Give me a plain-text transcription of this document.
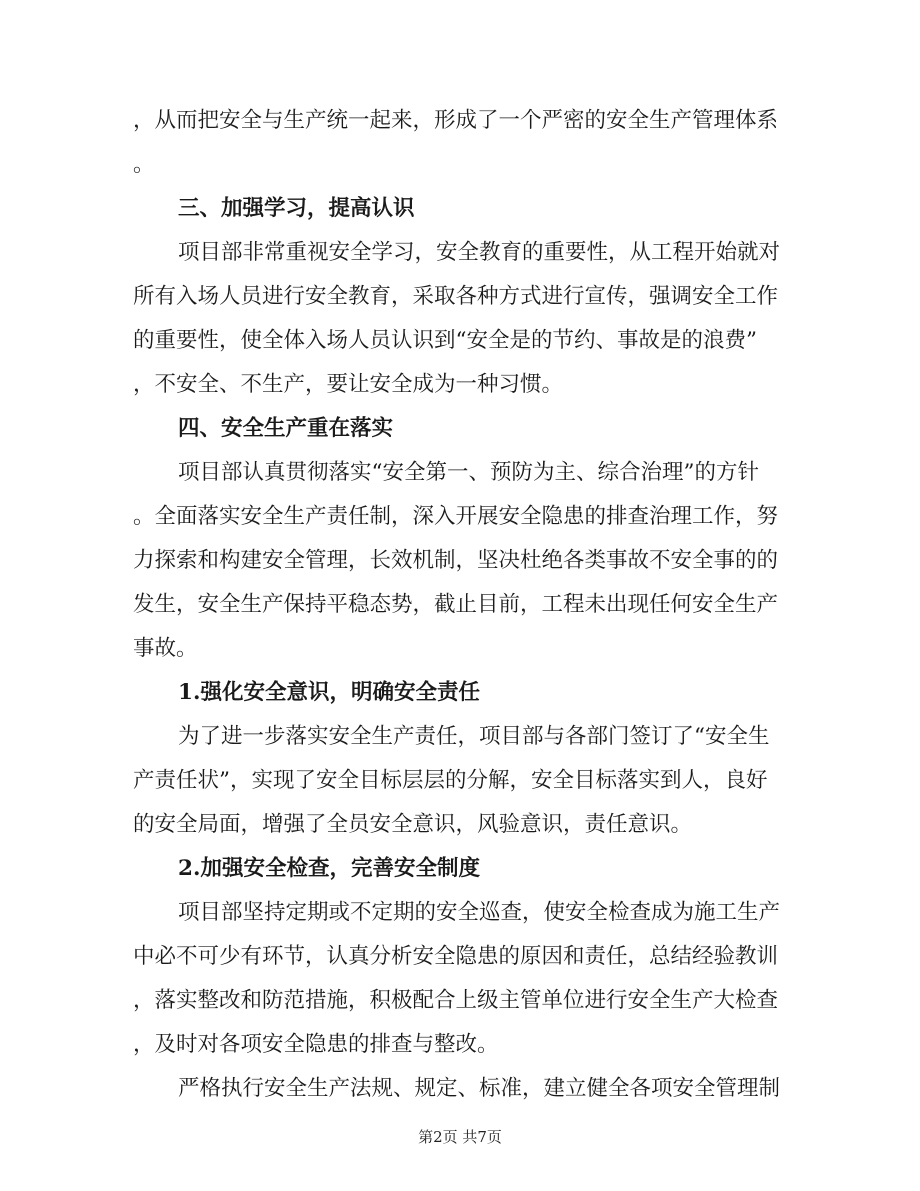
，从而把安全与生产统一起来，形成了一个严密的安全生产管理体系
。
三、加强学习，提高认识
项目部非常重视安全学习，安全教育的重要性，从工程开始就对
所有入场人员进行安全教育，采取各种方式进行宣传，强调安全工作
的重要性，使全体入场人员认识到“安全是的节约、事故是的浪费”
，不安全、不生产，要让安全成为一种习惯。
四、安全生产重在落实
项目部认真贯彻落实“安全第一、预防为主、综合治理”的方针
。全面落实安全生产责任制，深入开展安全隐患的排查治理工作，努
力探索和构建安全管理，长效机制，坚决杜绝各类事故不安全事的的
发生，安全生产保持平稳态势，截止目前，工程未出现任何安全生产
事故。
1.强化安全意识，明确安全责任
为了进一步落实安全生产责任，项目部与各部门签订了“安全生
产责任状”，实现了安全目标层层的分解，安全目标落实到人，良好
的安全局面，增强了全员安全意识，风验意识，责任意识。
2.加强安全检查，完善安全制度
项目部坚持定期或不定期的安全巡查，使安全检查成为施工生产
中必不可少有环节，认真分析安全隐患的原因和责任，总结经验教训
，落实整改和防范措施，积极配合上级主管单位进行安全生产大检查
，及时对各项安全隐患的排查与整改。
严格执行安全生产法规、规定、标准，建立健全各项安全管理制
第2页 共7页
